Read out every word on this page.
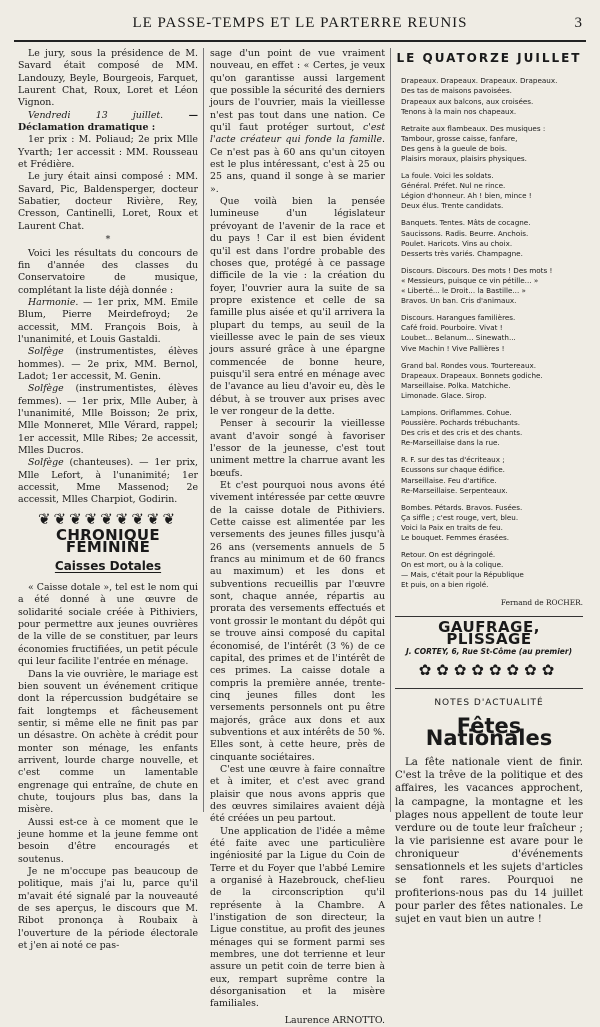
LE PASSE-TEMPS ET LE PARTERRE REUNIS	3

Le jury, sous la présidence de M. Savard était composé de MM. Landouzy, Beyle, Bourgeois, Farquet, Laurent Chat, Roux, Loret et Léon Vignon.

Vendredi 13 juillet. — Déclamation dramatique :

1er prix : M. Poliaud; 2e prix Mlle Yvarth; 1er accessit : MM. Rousseau et Frédière.

Le jury était ainsi composé : MM. Savard, Pic, Baldensperger, docteur Sabatier, docteur Rivière, Rey, Cresson, Cantinelli, Loret, Roux et Laurent Chat.

*

Voici les résultats du concours de fin d'année des classes du Conservatoire de musique, complétant la liste déjà donnée :

Harmonie. — 1er prix, MM. Emile Blum, Pierre Meirdefroyd; 2e accessit, MM. François Bois, à l'unanimité, et Louis Gastaldi.

Solfège (instrumentistes, élèves hommes). — 2e prix, MM. Bernol, Ladot; 1er accessit, M. Genin.

Solfège (instrumentistes, élèves femmes). — 1er prix, Mlle Auber, à l'unanimité, Mlle Boisson; 2e prix, Mlle Monneret, Mlle Vérard, rappel; 1er accessit, Mlle Ribes; 2e accessit, Mlles Ducros.

Solfège (chanteuses). — 1er prix, Mlle Lefort, à l'unanimité; 1er accessit, Mme Massenod; 2e accessit, Mlles Charpiot, Godirin.

❦❦❦❦❦❦❦❦❦
CHRONIQUE FÉMININE
Caisses Dotales

« Caisse dotale », tel est le nom qui a été donné à une œuvre de solidarité sociale créée à Pithiviers, pour permettre aux jeunes ouvrières de la ville de se constituer, par leurs économies fructifiées, un petit pécule qui leur facilite l'entrée en ménage.

Dans la vie ouvrière, le mariage est bien souvent un événement critique dont la répercussion budgétaire se fait longtemps et fâcheusement sentir, si même elle ne finit pas par un désastre. On achète à crédit pour monter son ménage, les enfants arrivent, lourde charge nouvelle, et c'est comme un lamentable engrenage qui entraîne, de chute en chute, toujours plus bas, dans la misère.

Aussi est-ce à ce moment que le jeune homme et la jeune femme ont besoin d'être encouragés et soutenus.

Je ne m'occupe pas beaucoup de politique, mais j'ai lu, parce qu'il m'avait été signalé par la nouveauté de ses aperçus, le discours que M. Ribot prononça à Roubaix à l'ouverture de la période électorale et j'en ai noté ce pas-

sage d'un point de vue vraiment nouveau, en effet : « Certes, je veux qu'on garantisse aussi largement que possible la sécurité des derniers jours de l'ouvrier, mais la vieillesse n'est pas tout dans une nation. Ce qu'il faut protéger surtout, c'est l'acte créateur qui fonde la famille. Ce n'est pas à 60 ans qu'un citoyen est le plus intéressant, c'est à 25 ou 25 ans, quand il songe à se marier ».

Que voilà bien la pensée lumineuse d'un législateur prévoyant de l'avenir de la race et du pays ! Car il est bien évident qu'il est dans l'ordre probable des choses que, protégé à ce passage difficile de la vie : la création du foyer, l'ouvrier aura la suite de sa propre existence et celle de sa famille plus aisée et qu'il arrivera la plupart du temps, au seuil de la vieillesse avec le pain de ses vieux jours assuré grâce à une épargne commencée de bonne heure, puisqu'il sera entré en ménage avec de l'avance au lieu d'avoir eu, dès le début, à se trouver aux prises avec le ver rongeur de la dette.

Penser à secourir la vieillesse avant d'avoir songé à favoriser l'essor de la jeunesse, c'est tout uniment mettre la charrue avant les bœufs.

Et c'est pourquoi nous avons été vivement intéressée par cette œuvre de la caisse dotale de Pithiviers. Cette caisse est alimentée par les versements des jeunes filles jusqu'à 26 ans (versements annuels de 5 francs au minimum et de 60 francs au maximum) et les dons et subventions recueillis par l'œuvre sont, chaque année, répartis au prorata des versements effectués et vont grossir le montant du dépôt qui se trouve ainsi composé du capital économisé, de l'intérêt (3 %) de ce capital, des primes et de l'intérêt de ces primes. La caisse dotale a compris la première année, trente-cinq jeunes filles dont les versements personnels ont pu être majorés, grâce aux dons et aux subventions et aux intérêts de 50 %. Elles sont, à cette heure, près de cinquante sociétaires.

C'est une œuvre à faire connaître et à imiter, et c'est avec grand plaisir que nous avons appris que des œuvres similaires avaient déjà été créées un peu partout.

Une application de l'idée a même été faite avec une particulière ingéniosité par la Ligue du Coin de Terre et du Foyer que l'abbé Lemire a organisé à Hazebrouck, chef-lieu de la circonscription qu'il représente à la Chambre. A l'instigation de son directeur, la Ligue constitue, au profit des jeunes ménages qui se forment parmi ses membres, une dot terrienne et leur assure un petit coin de terre bien à eux, rempart suprême contre la désorganisation et la misère familiales.

Laurence ARNOTTO.

LE QUATORZE JUILLET
Drapeaux. Drapeaux. Drapeaux. Drapeaux.
Des tas de maisons pavoisées.
Drapeaux aux balcons, aux croisées.
Tenons à la main nos chapeaux.
Retraite aux flambeaux. Des musiques :
Tambour, grosse caisse, fanfare,
Des gens à la gueule de bois.
Plaisirs moraux, plaisirs physiques.
La foule. Voici les soldats.
Général. Préfet. Nul ne rince.
Légion d'honneur. Ah ! bien, mince !
Deux élus. Trente candidats.
Banquets. Tentes. Mâts de cocagne.
Saucissons. Radis. Beurre. Anchois.
Poulet. Haricots. Vins au choix.
Desserts très variés. Champagne.
Discours. Discours. Des mots ! Des mots !
« Messieurs, puisque ce vin pétille... »
« Liberté... le Droit... la Bastille... »
Bravos. Un ban. Cris d'animaux.
Discours. Harangues familières.
Café froid. Pourboire. Vivat !
Loubet... Belanum... Sinewath...
Vive Machin ! Vive Pallières !
Grand bal. Rondes vous. Tourtereaux.
Drapeaux. Drapeaux. Bonnets godiche.
Marseillaise. Polka. Matchiche.
Limonade. Glace. Sirop.
Lampions. Oriflammes. Cohue.
Poussière. Pochards trébuchants.
Des cris et des cris et des chants.
Re-Marseillaise dans la rue.
R. F. sur des tas d'écriteaux ;
Ecussons sur chaque édifice.
Marseillaise. Feu d'artifice.
Re-Marseillaise. Serpenteaux.
Bombes. Pétards. Bravos. Fusées.
Ça siffle ; c'est rouge, vert, bleu.
Voici la Paix en traits de feu.
Le bouquet. Femmes érasées.
Retour. On est dégringolé.
On est mort, ou à la colique.
— Mais, c'était pour la République
Et puis, on a bien rigolé.
Fernand de ROCHER.
GAUFRAGE, PLISSAGE
J. CORTEY, 6, Rue St-Côme (au premier)
✿✿✿✿✿✿✿✿
NOTES D'ACTUALITÉ
Fêtes Nationales

La fête nationale vient de finir. C'est la trêve de la politique et des affaires, les vacances approchent, la campagne, la montagne et les plages nous appellent de toute leur verdure ou de toute leur fraîcheur ; la vie parisienne est avare pour le chroniqueur d'événements sensationnels et les sujets d'articles se font rares. Pourquoi ne profiterions-nous pas du 14 juillet pour parler des fêtes nationales. Le sujet en vaut bien un autre !
